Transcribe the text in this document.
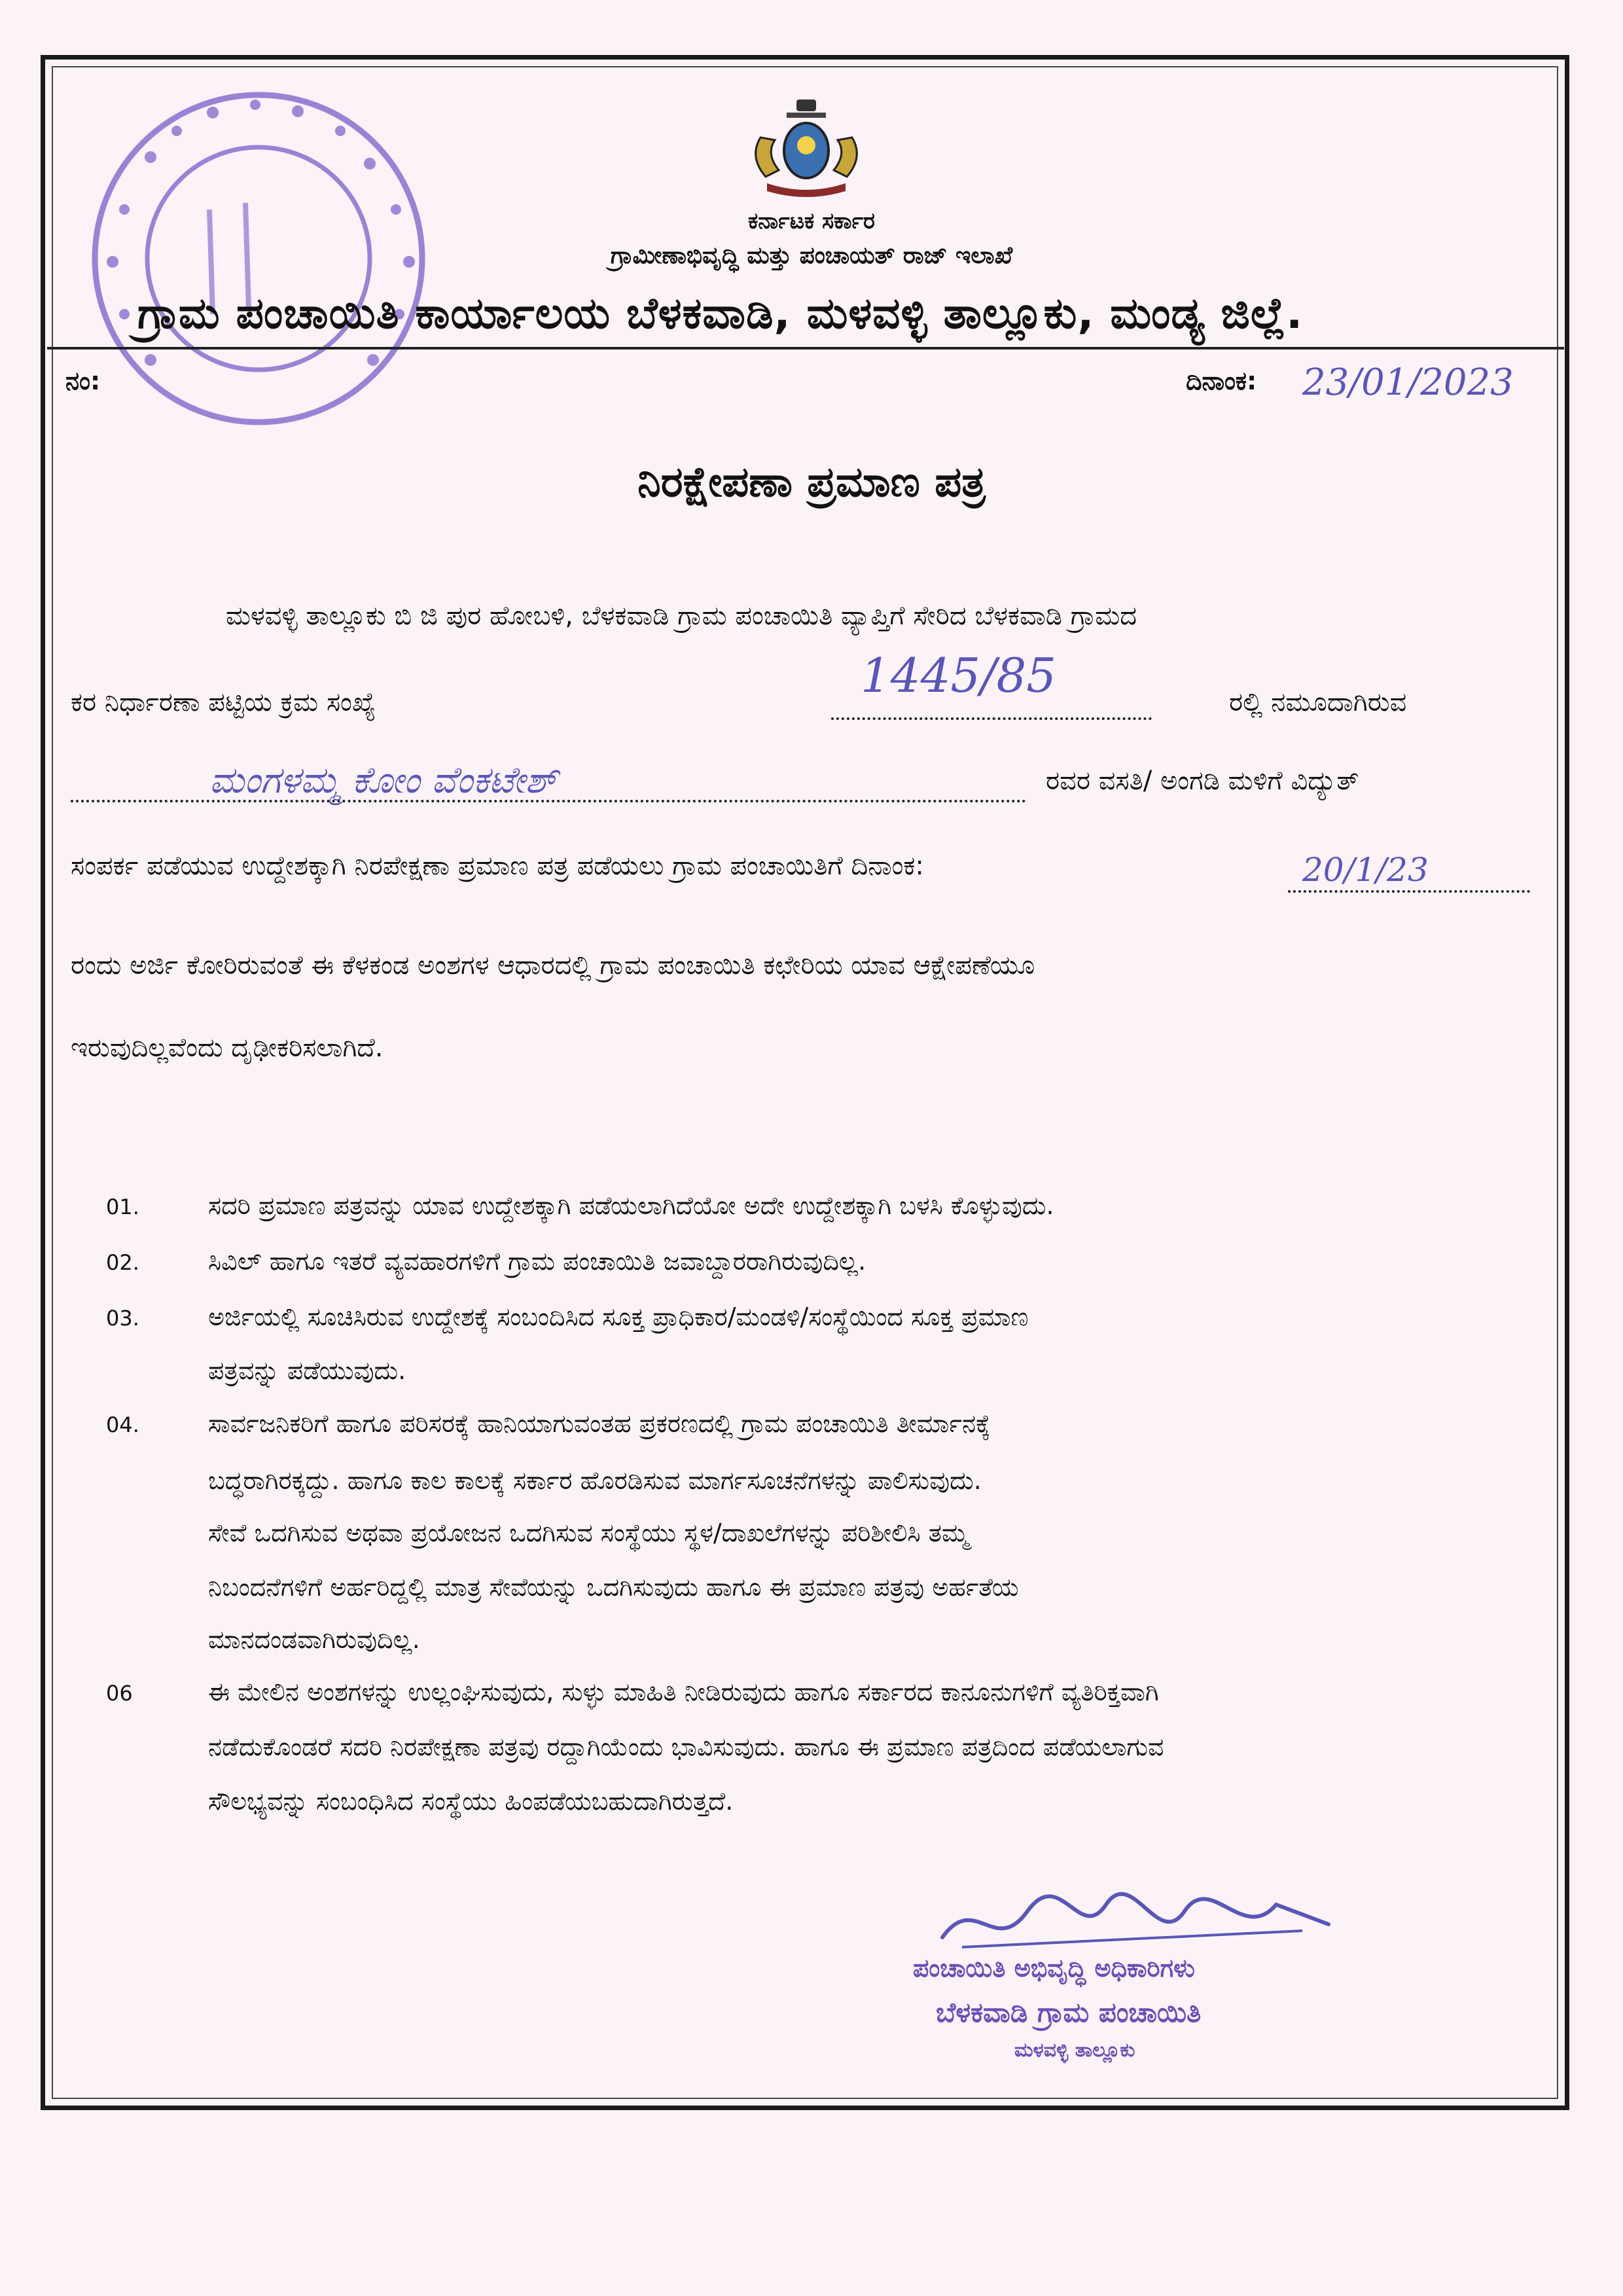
ಕರ್ನಾಟಕ ಸರ್ಕಾರ
ಗ್ರಾಮೀಣಾಭಿವೃದ್ಧಿ ಮತ್ತು ಪಂಚಾಯತ್ ರಾಜ್ ಇಲಾಖೆ
ಗ್ರಾಮ ಪಂಚಾಯಿತಿ ಕಾರ್ಯಾಲಯ ಬೆಳಕವಾಡಿ, ಮಳವಳ್ಳಿ ತಾಲ್ಲೂಕು, ಮಂಡ್ಯ ಜಿಲ್ಲೆ.
ನಂ:	ದಿನಾಂಕ: 23/01/2023
ನಿರಕ್ಷೇಪಣಾ ಪ್ರಮಾಣ ಪತ್ರ
ಮಳವಳ್ಳಿ ತಾಲ್ಲೂಕು ಬಿ ಜಿ ಪುರ ಹೋಬಳಿ, ಬೆಳಕವಾಡಿ ಗ್ರಾಮ ಪಂಚಾಯಿತಿ ವ್ಯಾಪ್ತಿಗೆ ಸೇರಿದ ಬೆಳಕವಾಡಿ ಗ್ರಾಮದ
ಕರ ನಿರ್ಧಾರಣಾ ಪಟ್ಟಿಯ ಕ್ರಮ ಸಂಖ್ಯೆ	1445/85	ರಲ್ಲಿ ನಮೂದಾಗಿರುವ
ಮಂಗಳಮ್ಮ ಕೋಂ ವೆಂಕಟೇಶ್	ರವರ ವಸತಿ/ ಅಂಗಡಿ ಮಳಿಗೆ ವಿದ್ಯುತ್
ಸಂಪರ್ಕ ಪಡೆಯುವ ಉದ್ದೇಶಕ್ಕಾಗಿ ನಿರಪೇಕ್ಷಣಾ ಪ್ರಮಾಣ ಪತ್ರ ಪಡೆಯಲು ಗ್ರಾಮ ಪಂಚಾಯಿತಿಗೆ ದಿನಾಂಕ:	20/1/23
ರಂದು ಅರ್ಜಿ ಕೋರಿರುವಂತೆ ಈ ಕೆಳಕಂಡ ಅಂಶಗಳ ಆಧಾರದಲ್ಲಿ ಗ್ರಾಮ ಪಂಚಾಯಿತಿ ಕಛೇರಿಯ ಯಾವ ಆಕ್ಷೇಪಣೆಯೂ
ಇರುವುದಿಲ್ಲವೆಂದು ದೃಢೀಕರಿಸಲಾಗಿದೆ.
01.	ಸದರಿ ಪ್ರಮಾಣ ಪತ್ರವನ್ನು ಯಾವ ಉದ್ದೇಶಕ್ಕಾಗಿ ಪಡೆಯಲಾಗಿದೆಯೋ ಅದೇ ಉದ್ದೇಶಕ್ಕಾಗಿ ಬಳಸಿ ಕೊಳ್ಳುವುದು.
02.	ಸಿವಿಲ್ ಹಾಗೂ ಇತರೆ ವ್ಯವಹಾರಗಳಿಗೆ ಗ್ರಾಮ ಪಂಚಾಯಿತಿ ಜವಾಬ್ದಾರರಾಗಿರುವುದಿಲ್ಲ.
03.	ಅರ್ಜಿಯಲ್ಲಿ ಸೂಚಿಸಿರುವ ಉದ್ದೇಶಕ್ಕೆ ಸಂಬಂದಿಸಿದ ಸೂಕ್ತ ಪ್ರಾಧಿಕಾರ/ಮಂಡಳಿ/ಸಂಸ್ಥೆಯಿಂದ ಸೂಕ್ತ ಪ್ರಮಾಣ
ಪತ್ರವನ್ನು ಪಡೆಯುವುದು.
04.	ಸಾರ್ವಜನಿಕರಿಗೆ ಹಾಗೂ ಪರಿಸರಕ್ಕೆ ಹಾನಿಯಾಗುವಂತಹ ಪ್ರಕರಣದಲ್ಲಿ ಗ್ರಾಮ ಪಂಚಾಯಿತಿ ತೀರ್ಮಾನಕ್ಕೆ
ಬದ್ಧರಾಗಿರಕ್ಕದ್ದು. ಹಾಗೂ ಕಾಲ ಕಾಲಕ್ಕೆ ಸರ್ಕಾರ ಹೊರಡಿಸುವ ಮಾರ್ಗಸೂಚನೆಗಳನ್ನು ಪಾಲಿಸುವುದು.
ಸೇವೆ ಒದಗಿಸುವ ಅಥವಾ ಪ್ರಯೋಜನ ಒದಗಿಸುವ ಸಂಸ್ಥೆಯು ಸ್ಥಳ/ದಾಖಲೆಗಳನ್ನು ಪರಿಶೀಲಿಸಿ ತಮ್ಮ
ನಿಬಂದನೆಗಳಿಗೆ ಅರ್ಹರಿದ್ದಲ್ಲಿ ಮಾತ್ರ ಸೇವೆಯನ್ನು ಒದಗಿಸುವುದು ಹಾಗೂ ಈ ಪ್ರಮಾಣ ಪತ್ರವು ಅರ್ಹತೆಯ
ಮಾನದಂಡವಾಗಿರುವುದಿಲ್ಲ.
06	ಈ ಮೇಲಿನ ಅಂಶಗಳನ್ನು ಉಲ್ಲಂಘಿಸುವುದು, ಸುಳ್ಳು ಮಾಹಿತಿ ನೀಡಿರುವುದು ಹಾಗೂ ಸರ್ಕಾರದ ಕಾನೂನುಗಳಿಗೆ ವ್ಯತಿರಿಕ್ತವಾಗಿ
ನಡೆದುಕೊಂಡರೆ ಸದರಿ ನಿರಪೇಕ್ಷಣಾ ಪತ್ರವು ರದ್ದಾಗಿಯೆಂದು ಭಾವಿಸುವುದು. ಹಾಗೂ ಈ ಪ್ರಮಾಣ ಪತ್ರದಿಂದ ಪಡೆಯಲಾಗುವ
ಸೌಲಭ್ಯವನ್ನು ಸಂಬಂಧಿಸಿದ ಸಂಸ್ಥೆಯು ಹಿಂಪಡೆಯಬಹುದಾಗಿರುತ್ತದೆ.
ಪಂಚಾಯಿತಿ ಅಭಿವೃದ್ಧಿ ಅಧಿಕಾರಿಗಳು
ಬೆಳಕವಾಡಿ ಗ್ರಾಮ ಪಂಚಾಯಿತಿ
ಮಳವಳ್ಳಿ ತಾಲ್ಲೂಕು
